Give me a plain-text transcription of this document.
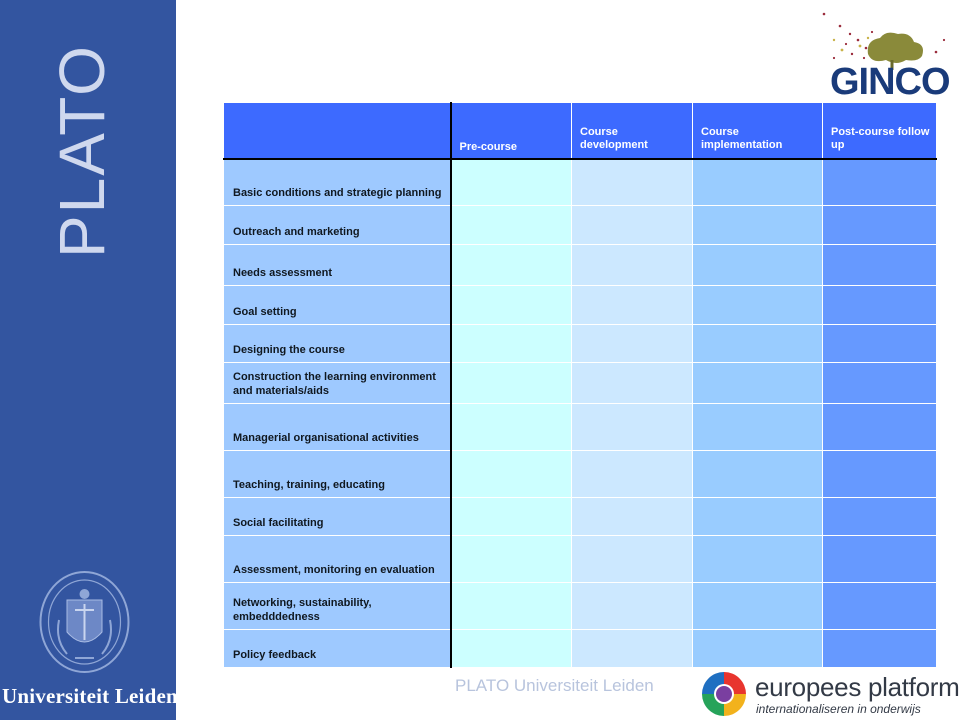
PLATO
Universiteit Leiden
GINCO
	Pre-course	Course development	Course implementation	Post-course follow up
Basic conditions and strategic planning				
Outreach and marketing				
Needs assessment				
Goal setting				
Designing the course				
Construction the learning environment and materials/aids				
Managerial organisational activities				
Teaching, training, educating				
Social facilitating				
Assessment, monitoring en evaluation				
Networking, sustainability, embedddedness				
Policy feedback				
PLATO Universiteit Leiden	europees platform
internationaliseren in onderwijs
